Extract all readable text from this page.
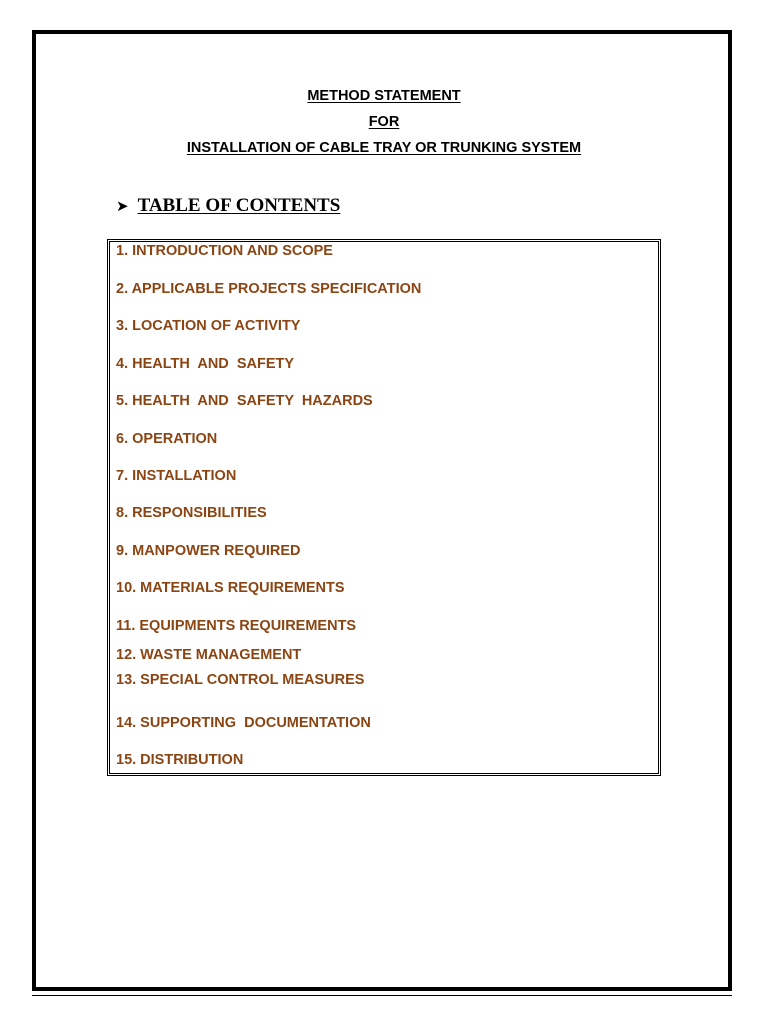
METHOD STATEMENT
FOR
INSTALLATION OF CABLE TRAY OR TRUNKING SYSTEM
➤ TABLE OF CONTENTS
1. INTRODUCTION AND SCOPE
2. APPLICABLE PROJECTS SPECIFICATION
3. LOCATION OF ACTIVITY
4. HEALTH  AND  SAFETY
5. HEALTH  AND  SAFETY  HAZARDS
6. OPERATION
7. INSTALLATION
8. RESPONSIBILITIES
9. MANPOWER REQUIRED
10. MATERIALS REQUIREMENTS
11. EQUIPMENTS REQUIREMENTS
12. WASTE MANAGEMENT
13. SPECIAL CONTROL MEASURES
14. SUPPORTING  DOCUMENTATION
15. DISTRIBUTION
